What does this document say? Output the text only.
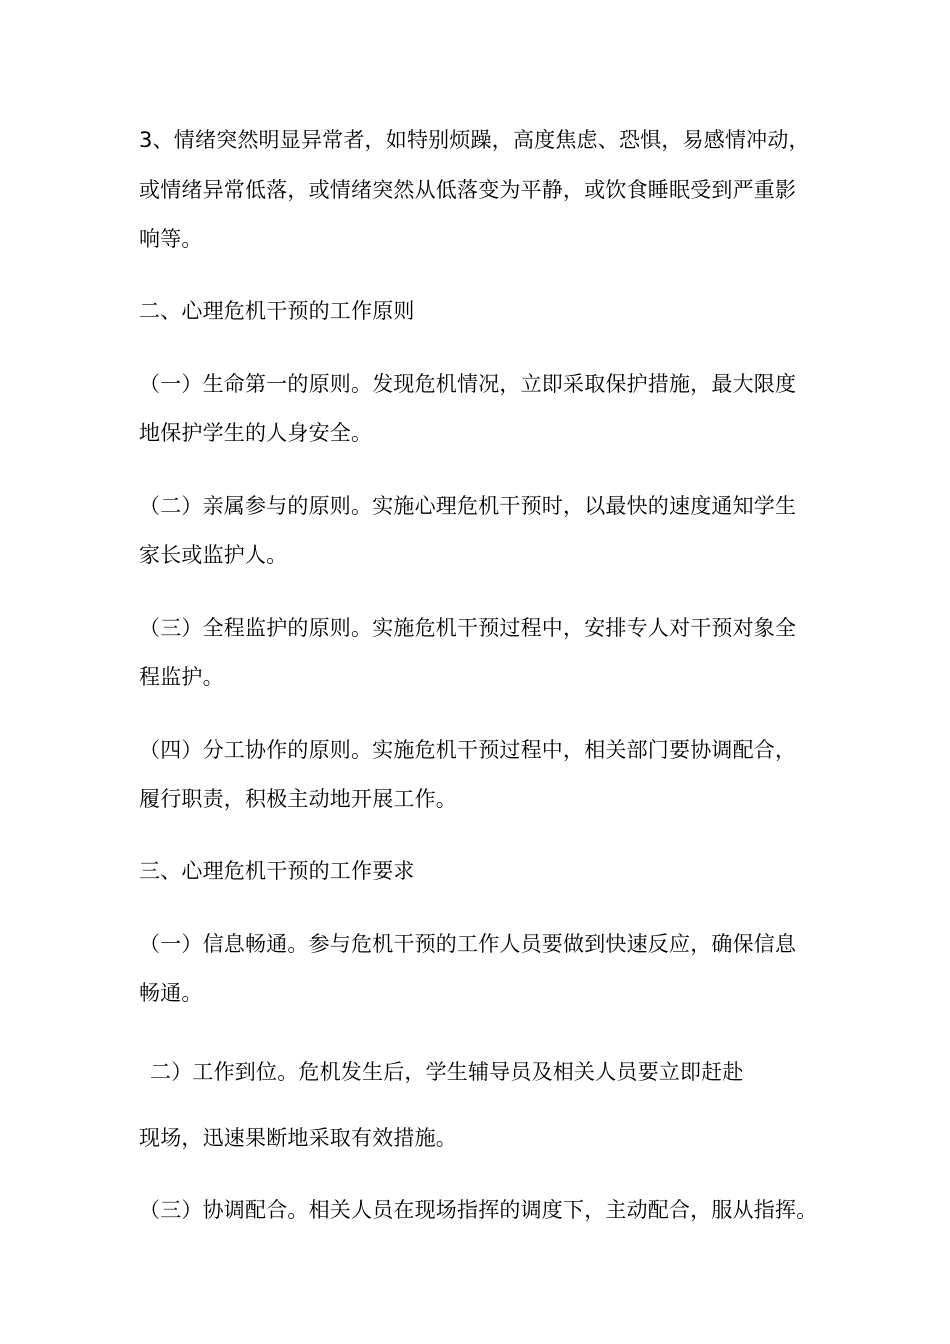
3、情绪突然明显异常者，如特别烦躁，高度焦虑、恐惧，易感情冲动，
或情绪异常低落，或情绪突然从低落变为平静，或饮食睡眠受到严重影
响等。
二、心理危机干预的工作原则
（一）生命第一的原则。发现危机情况，立即采取保护措施，最大限度
地保护学生的人身安全。
（二）亲属参与的原则。实施心理危机干预时，以最快的速度通知学生
家长或监护人。
（三）全程监护的原则。实施危机干预过程中，安排专人对干预对象全
程监护。
（四）分工协作的原则。实施危机干预过程中，相关部门要协调配合，
履行职责，积极主动地开展工作。
三、心理危机干预的工作要求
（一）信息畅通。参与危机干预的工作人员要做到快速反应，确保信息
畅通。
二）工作到位。危机发生后，学生辅导员及相关人员要立即赶赴
现场，迅速果断地采取有效措施。
（三）协调配合。相关人员在现场指挥的调度下，主动配合，服从指挥。
